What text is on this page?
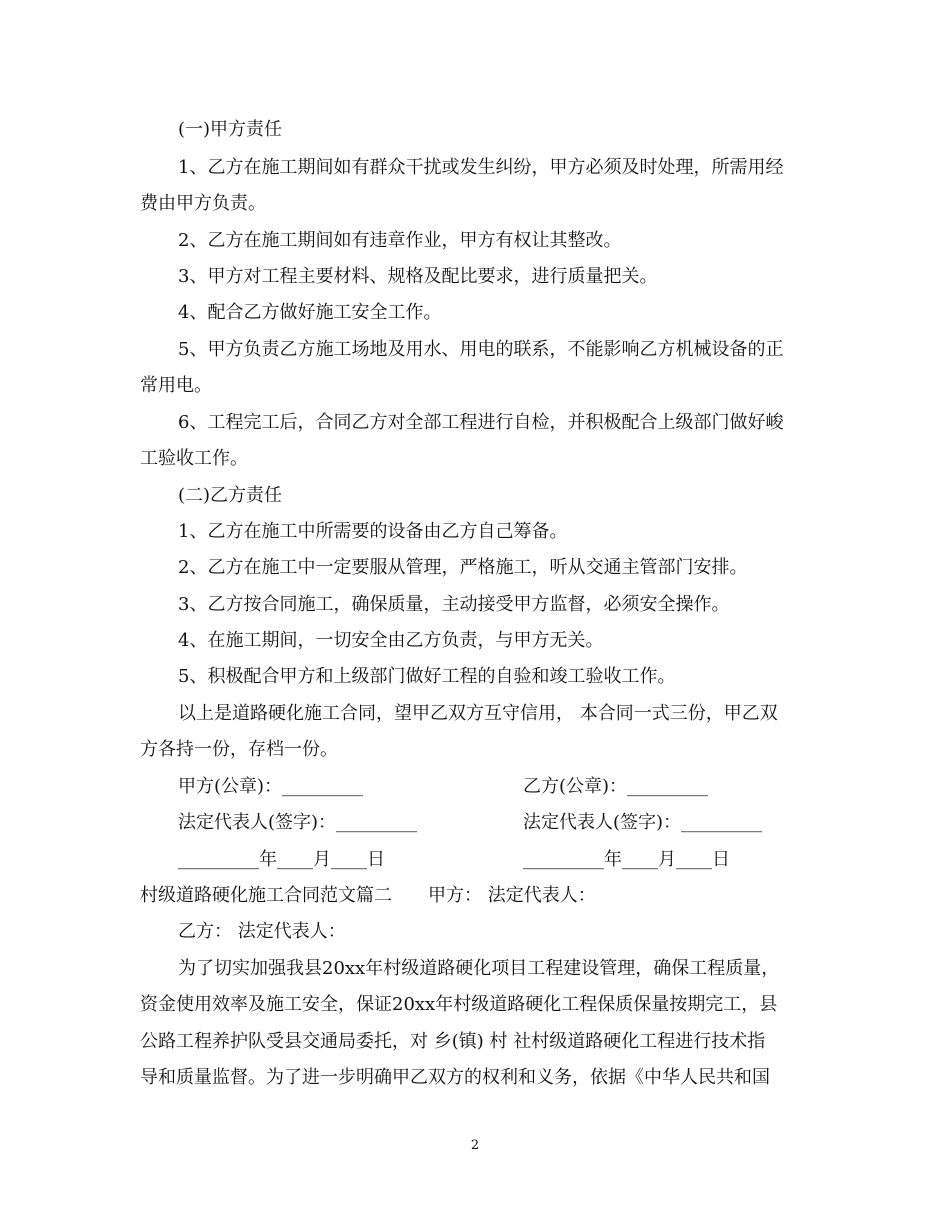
(一)甲方责任
1、乙方在施工期间如有群众干扰或发生纠纷，甲方必须及时处理，所需用经
费由甲方负责。
2、乙方在施工期间如有违章作业，甲方有权让其整改。
3、甲方对工程主要材料、规格及配比要求，进行质量把关。
4、配合乙方做好施工安全工作。
5、甲方负责乙方施工场地及用水、用电的联系，不能影响乙方机械设备的正
常用电。
6、工程完工后，合同乙方对全部工程进行自检，并积极配合上级部门做好峻
工验收工作。
(二)乙方责任
1、乙方在施工中所需要的设备由乙方自己筹备。
2、乙方在施工中一定要服从管理，严格施工，听从交通主管部门安排。
3、乙方按合同施工，确保质量，主动接受甲方监督，必须安全操作。
4、在施工期间，一切安全由乙方负责，与甲方无关。
5、积极配合甲方和上级部门做好工程的自验和竣工验收工作。
以上是道路硬化施工合同，望甲乙双方互守信用， 本合同一式三份，甲乙双
方各持一份，存档一份。
甲方(公章)：_________	乙方(公章)：_________
法定代表人(签字)：_________	法定代表人(签字)：_________
_________年____月____日	_________年____月____日
村级道路硬化施工合同范文篇二　　甲方： 法定代表人：
乙方： 法定代表人：
为了切实加强我县20xx年村级道路硬化项目工程建设管理，确保工程质量，
资金使用效率及施工安全，保证20xx年村级道路硬化工程保质保量按期完工，县
公路工程养护队受县交通局委托，对 乡(镇) 村 社村级道路硬化工程进行技术指
导和质量监督。为了进一步明确甲乙双方的权利和义务，依据《中华人民共和国
2
